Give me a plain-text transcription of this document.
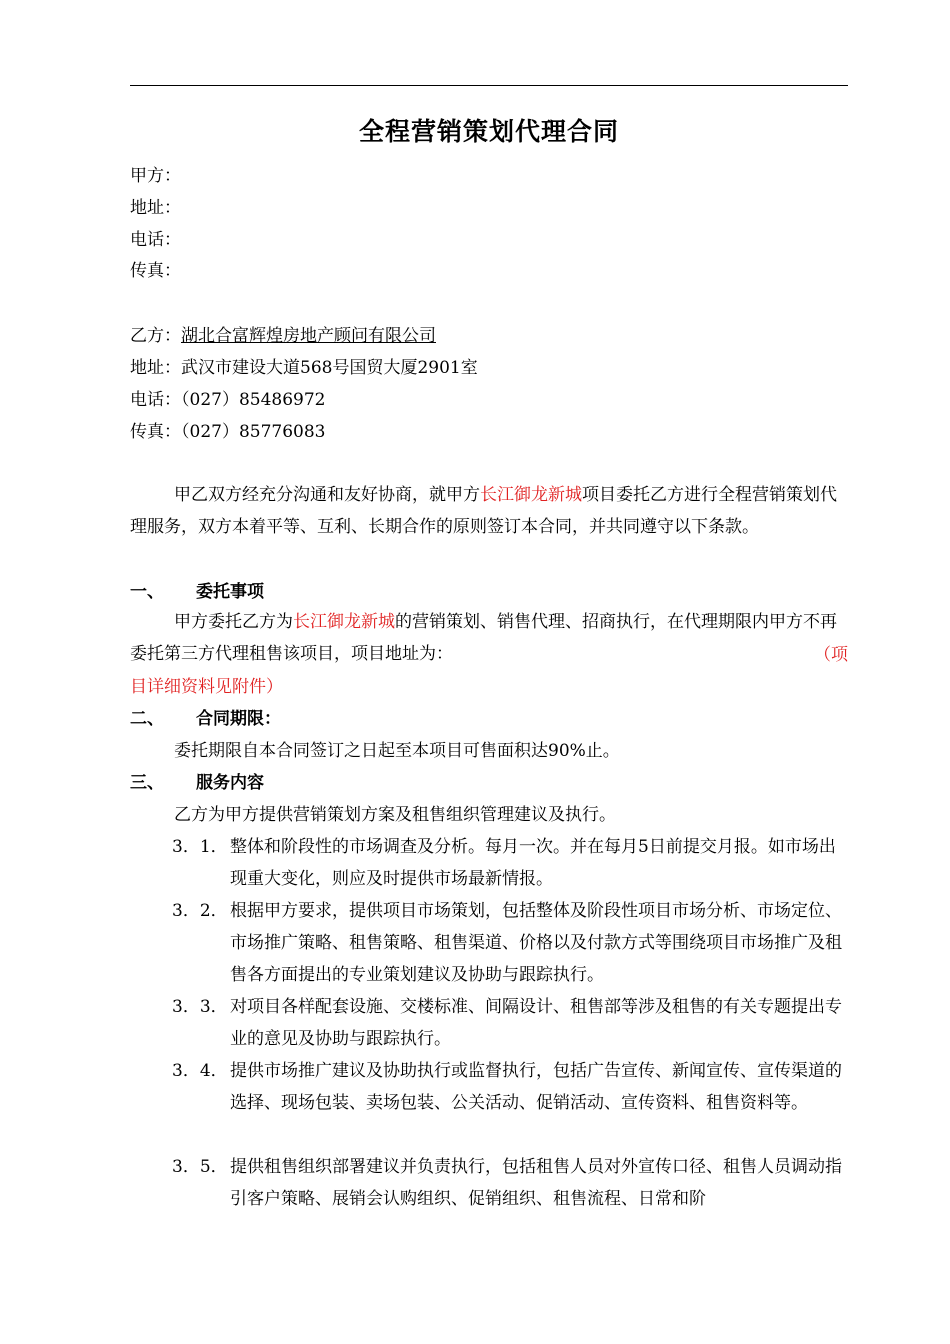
全程营销策划代理合同
甲方：
地址：
电话：
传真：
乙方：湖北合富辉煌房地产顾问有限公司
地址：武汉市建设大道568号国贸大厦2901室
电话：（027）85486972
传真：（027）85776083
甲乙双方经充分沟通和友好协商，就甲方长江御龙新城项目委托乙方进行全程营销策划代理服务，双方本着平等、互利、长期合作的原则签订本合同，并共同遵守以下条款。
一、 委托事项
甲方委托乙方为长江御龙新城的营销策划、销售代理、招商执行，在代理期限内甲方不再委托第三方代理租售该项目，项目地址为：	（项
目详细资料见附件）
二、 合同期限：
委托期限自本合同签订之日起至本项目可售面积达90%止。
三、 服务内容
乙方为甲方提供营销策划方案及租售组织管理建议及执行。
3．1． 整体和阶段性的市场调查及分析。每月一次。并在每月5日前提交月报。如市场出现重大变化，则应及时提供市场最新情报。
3．2． 根据甲方要求，提供项目市场策划，包括整体及阶段性项目市场分析、市场定位、市场推广策略、租售策略、租售渠道、价格以及付款方式等围绕项目市场推广及租售各方面提出的专业策划建议及协助与跟踪执行。
3．3． 对项目各样配套设施、交楼标准、间隔设计、租售部等涉及租售的有关专题提出专业的意见及协助与跟踪执行。
3．4． 提供市场推广建议及协助执行或监督执行，包括广告宣传、新闻宣传、宣传渠道的选择、现场包装、卖场包装、公关活动、促销活动、宣传资料、租售资料等。
3．5． 提供租售组织部署建议并负责执行，包括租售人员对外宣传口径、租售人员调动指引客户策略、展销会认购组织、促销组织、租售流程、日常和阶
